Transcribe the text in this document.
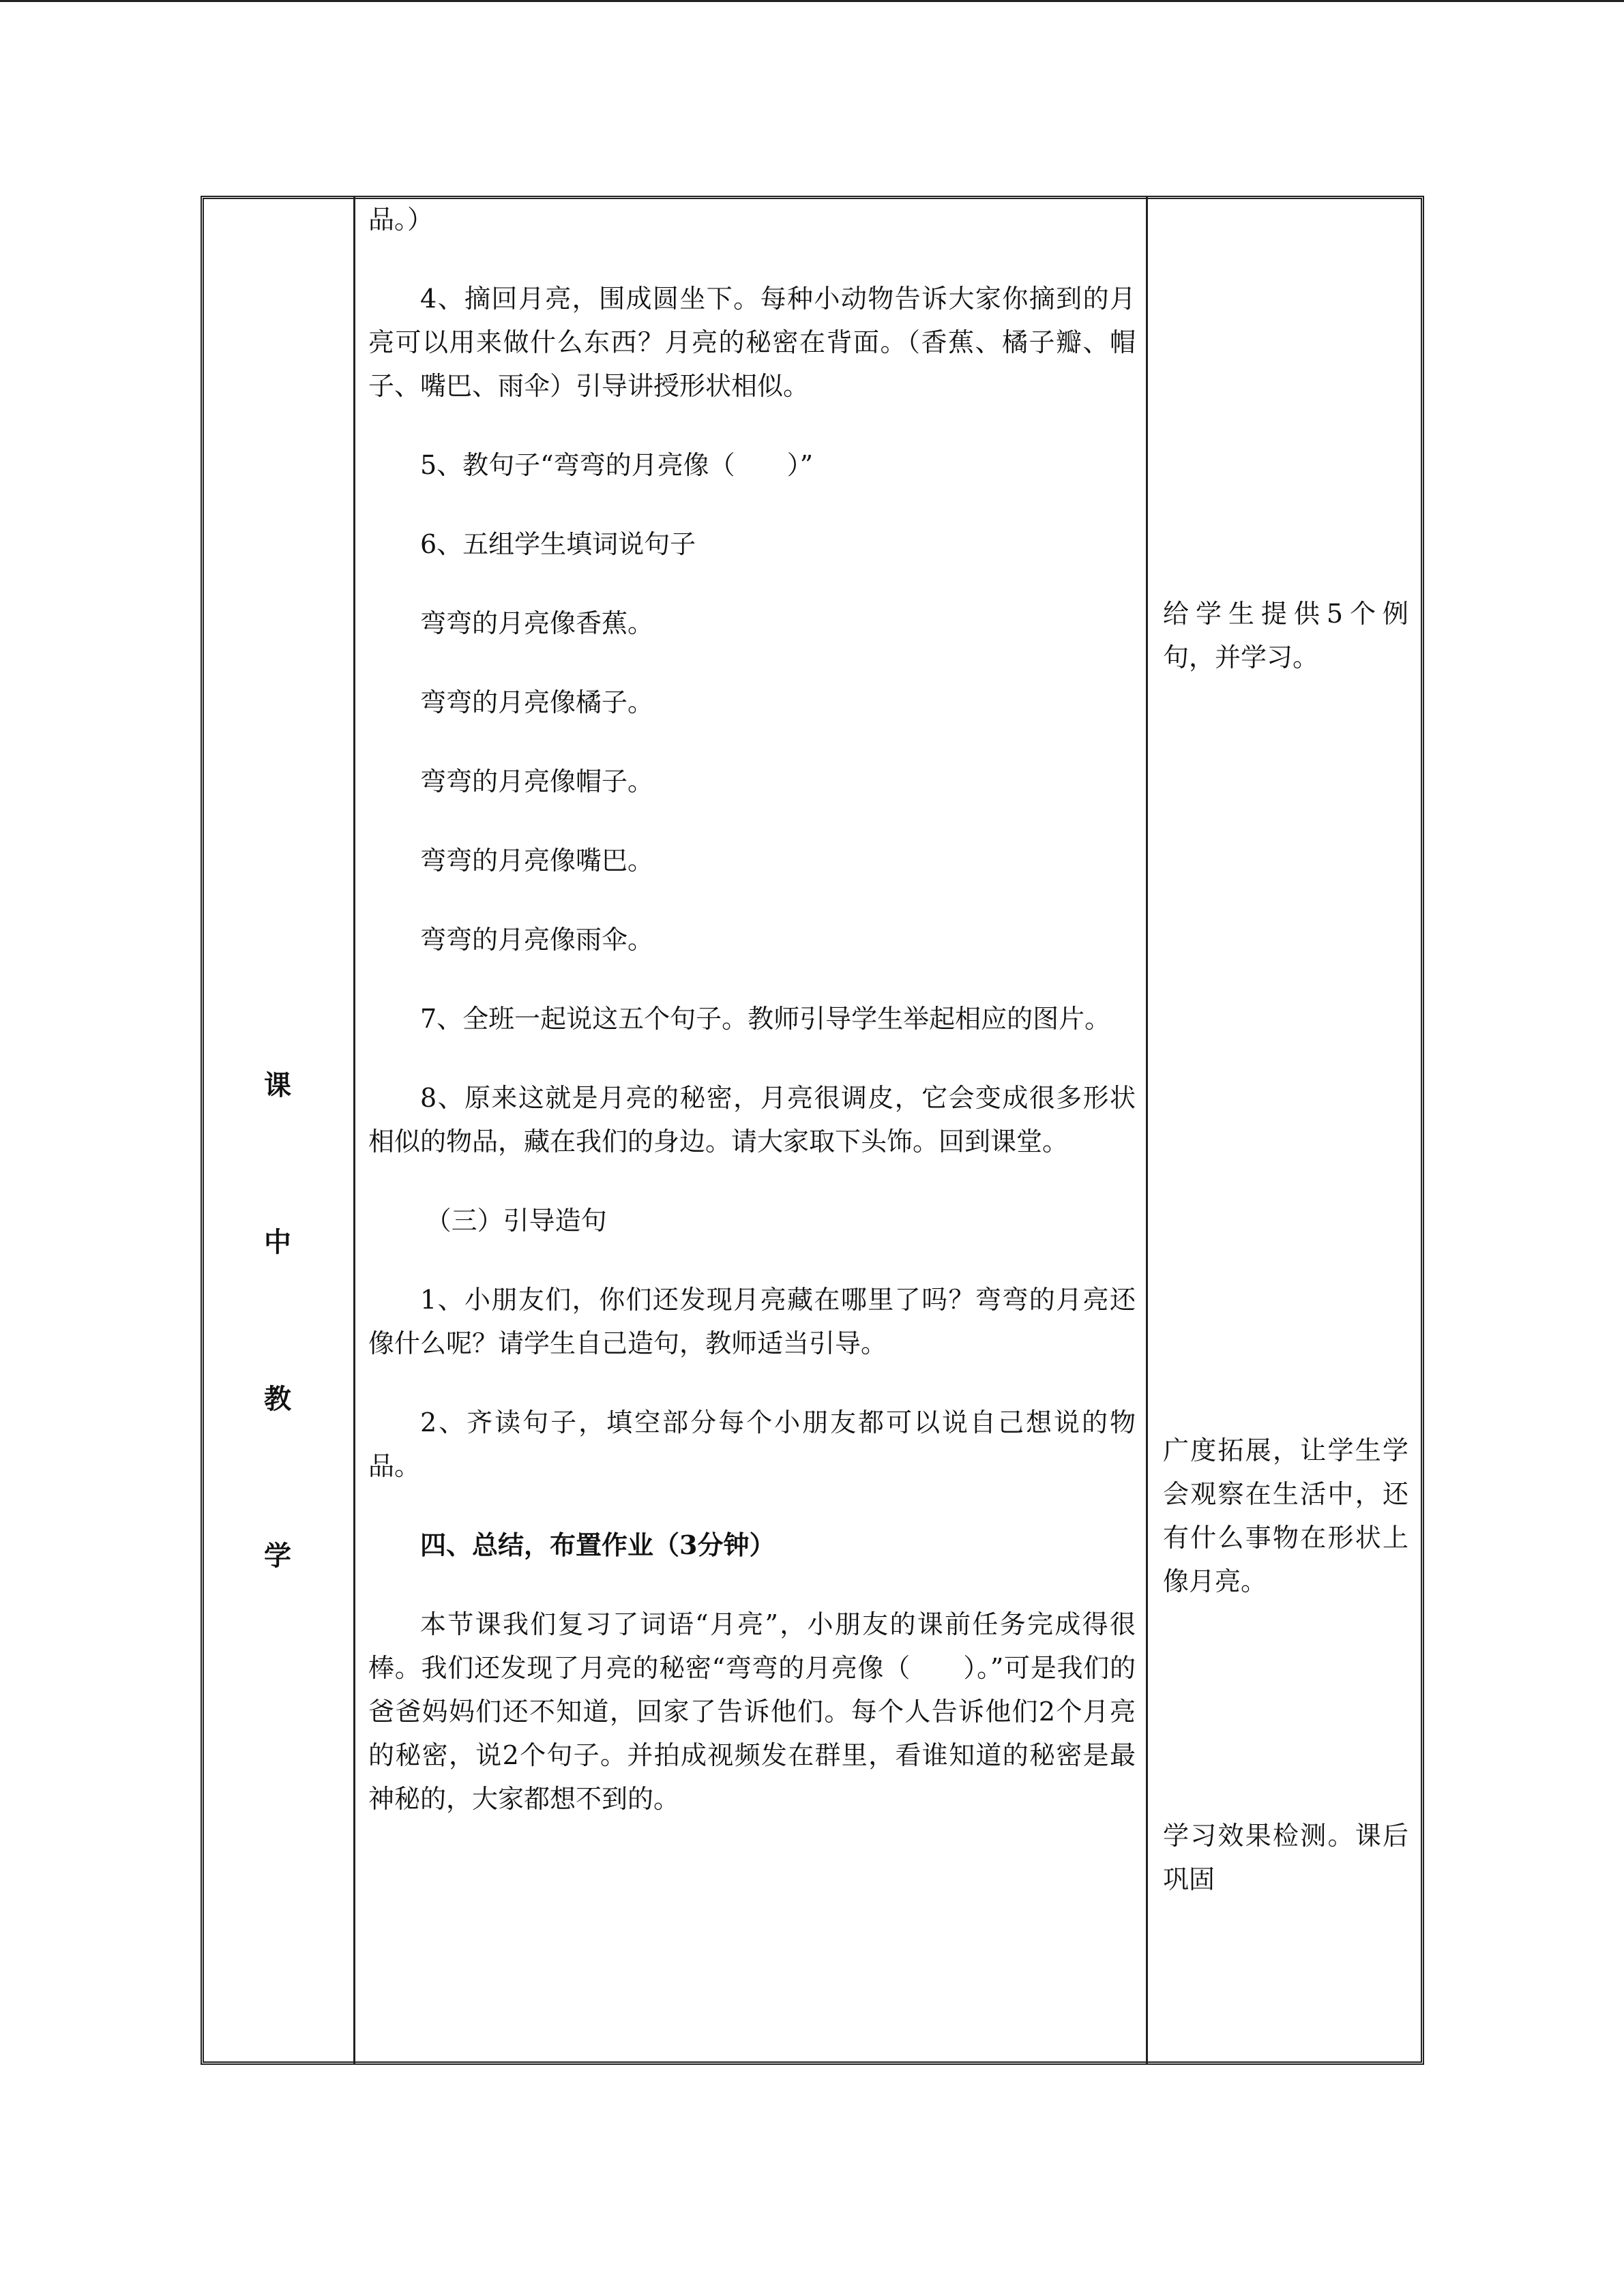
课
中
教
学

品。）

4、摘回月亮，围成圆坐下。每种小动物告诉大家你摘到的月亮可以用来做什么东西？月亮的秘密在背面。（香蕉、橘子瓣、帽子、嘴巴、雨伞）引导讲授形状相似。

5、教句子“弯弯的月亮像（　　）”

6、五组学生填词说句子

弯弯的月亮像香蕉。

弯弯的月亮像橘子。

弯弯的月亮像帽子。

弯弯的月亮像嘴巴。

弯弯的月亮像雨伞。

7、全班一起说这五个句子。教师引导学生举起相应的图片。

8、原来这就是月亮的秘密，月亮很调皮，它会变成很多形状相似的物品，藏在我们的身边。请大家取下头饰。回到课堂。

（三）引导造句

1、小朋友们，你们还发现月亮藏在哪里了吗？弯弯的月亮还像什么呢？请学生自己造句，教师适当引导。

2、齐读句子，填空部分每个小朋友都可以说自己想说的物品。

四、总结，布置作业（3分钟）

本节课我们复习了词语“月亮”，小朋友的课前任务完成得很棒。我们还发现了月亮的秘密“弯弯的月亮像（　　）。”可是我们的爸爸妈妈们还不知道，回家了告诉他们。每个人告诉他们2个月亮的秘密，说2个句子。并拍成视频发在群里，看谁知道的秘密是最神秘的，大家都想不到的。

给学生提供5个例句，并学习。
广度拓展，让学生学会观察在生活中，还有什么事物在形状上像月亮。
学习效果检测。课后巩固
